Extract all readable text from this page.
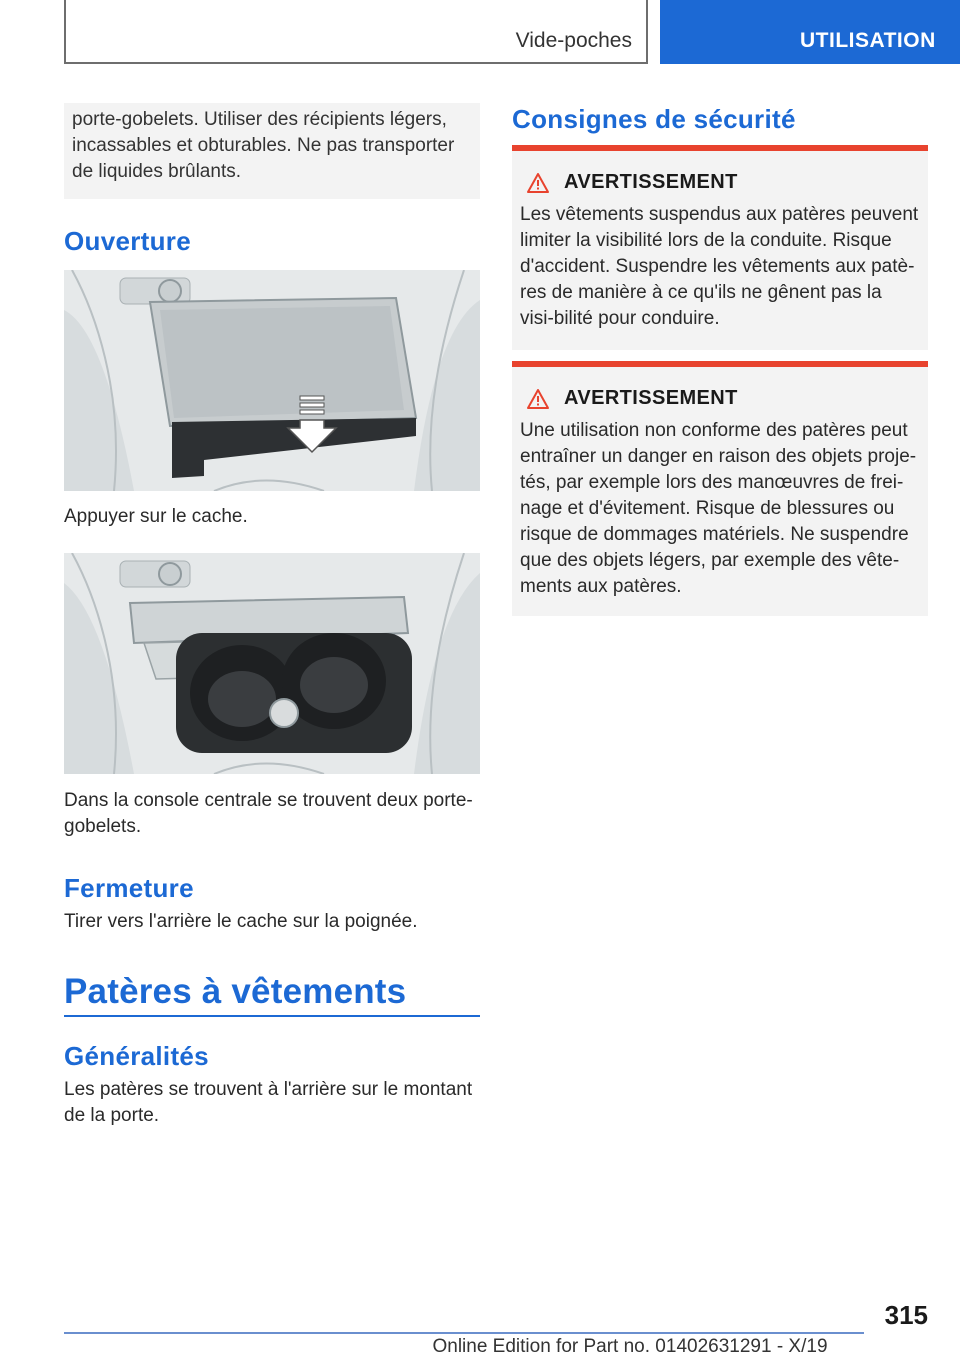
Vide-poches	UTILISATION
porte-gobelets. Utiliser des récipients légers, incassables et obturables. Ne pas transporter de liquides brûlants.
Ouverture

Appuyer sur le cache.

Dans la console centrale se trouvent deux porte-gobelets.

Fermeture

Tirer vers l'arrière le cache sur la poignée.

Patères à vêtements
Généralités

Les patères se trouvent à l'arrière sur le montant de la porte.

Consignes de sécurité
AVERTISSEMENT
Les vêtements suspendus aux patères peuvent limiter la visibilité lors de la conduite. Risque d'accident. Suspendre les vêtements aux patè-res de manière à ce qu'ils ne gênent pas la visi-bilité pour conduire.
AVERTISSEMENT
Une utilisation non conforme des patères peut entraîner un danger en raison des objets proje-tés, par exemple lors des manœuvres de frei-nage et d'évitement. Risque de blessures ou risque de dommages matériels. Ne suspendre que des objets légers, par exemple des vête-ments aux patères.
315
Online Edition for Part no. 01402631291 - X/19
